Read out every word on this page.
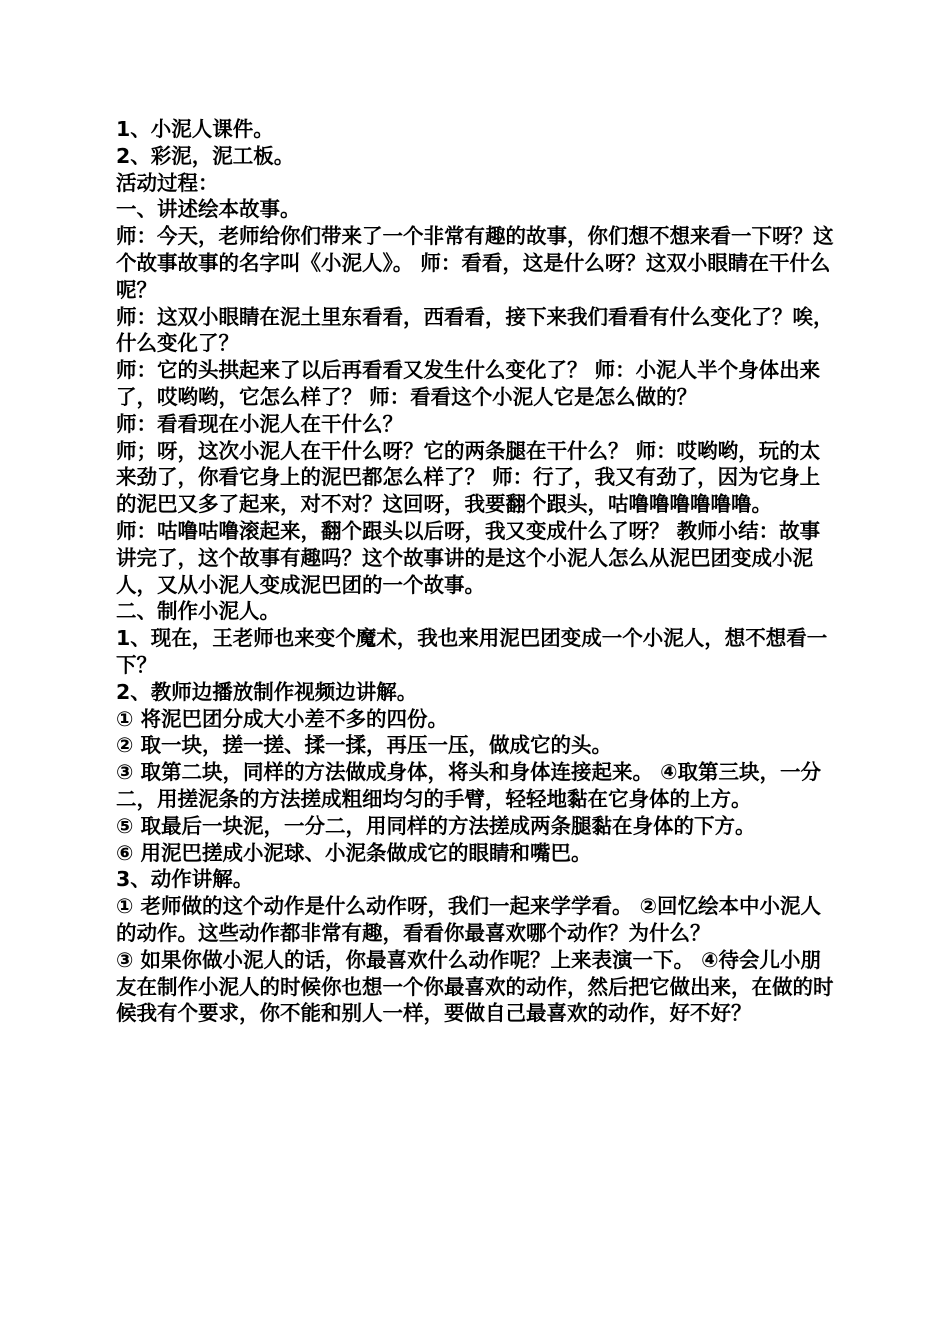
1、小泥人课件。

2、彩泥，泥工板。

活动过程：

一、讲述绘本故事。

师：今天，老师给你们带来了一个非常有趣的故事，你们想不想来看一下呀？这个故事故事的名字叫《小泥人》。 师：看看，这是什么呀？这双小眼睛在干什么呢？

师：这双小眼睛在泥土里东看看，西看看，接下来我们看看有什么变化了？唉，什么变化了？

师：它的头拱起来了以后再看看又发生什么变化了？ 师：小泥人半个身体出来了，哎哟哟，它怎么样了？ 师：看看这个小泥人它是怎么做的？

师：看看现在小泥人在干什么？

师；呀，这次小泥人在干什么呀？它的两条腿在干什么？ 师：哎哟哟，玩的太来劲了，你看它身上的泥巴都怎么样了？ 师：行了，我又有劲了，因为它身上的泥巴又多了起来，对不对？这回呀，我要翻个跟头，咕噜噜噜噜噜噜。

师：咕噜咕噜滚起来，翻个跟头以后呀，我又变成什么了呀？ 教师小结：故事讲完了，这个故事有趣吗？这个故事讲的是这个小泥人怎么从泥巴团变成小泥人，又从小泥人变成泥巴团的一个故事。

二、制作小泥人。

1、现在，王老师也来变个魔术，我也来用泥巴团变成一个小泥人，想不想看一下？

2、教师边播放制作视频边讲解。

① 将泥巴团分成大小差不多的四份。

② 取一块，搓一搓、揉一揉，再压一压，做成它的头。

③ 取第二块，同样的方法做成身体，将头和身体连接起来。 ④取第三块，一分二，用搓泥条的方法搓成粗细均匀的手臂，轻轻地黏在它身体的上方。

⑤ 取最后一块泥，一分二，用同样的方法搓成两条腿黏在身体的下方。

⑥ 用泥巴搓成小泥球、小泥条做成它的眼睛和嘴巴。

3、动作讲解。

① 老师做的这个动作是什么动作呀，我们一起来学学看。 ②回忆绘本中小泥人的动作。这些动作都非常有趣，看看你最喜欢哪个动作？为什么？

③ 如果你做小泥人的话，你最喜欢什么动作呢？上来表演一下。 ④待会儿小朋友在制作小泥人的时候你也想一个你最喜欢的动作，然后把它做出来，在做的时候我有个要求，你不能和别人一样，要做自己最喜欢的动作，好不好？
